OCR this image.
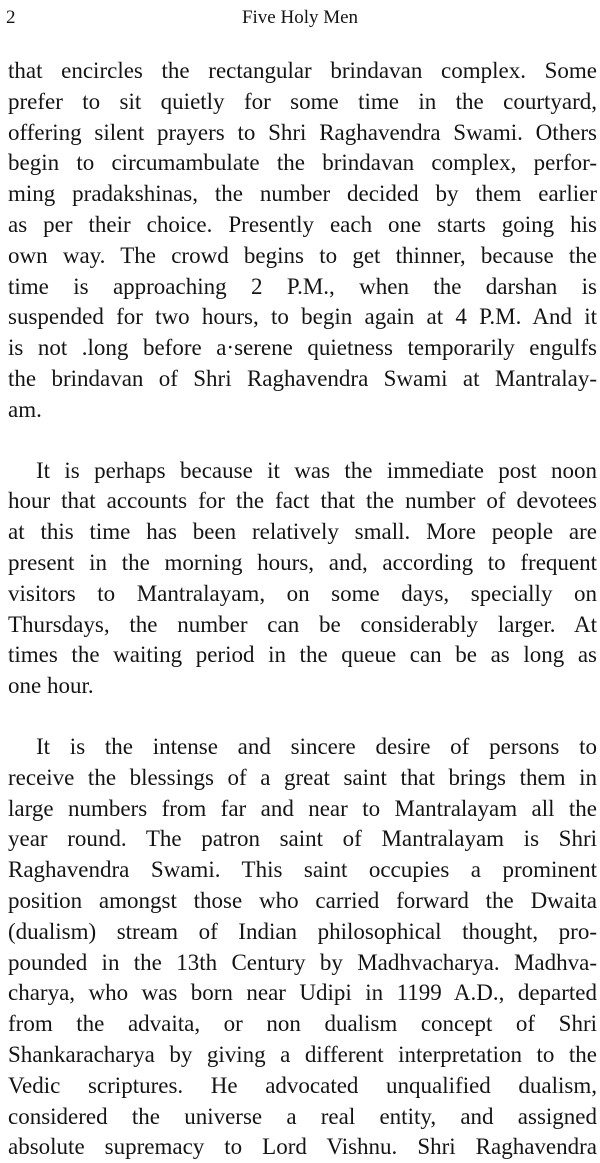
2	Five Holy Men

that encircles the rectangular brindavan complex. Some
prefer to sit quietly for some time in the courtyard,
offering silent prayers to Shri Raghavendra Swami. Others
begin to circumambulate the brindavan complex, perfor-
ming pradakshinas, the number decided by them earlier
as per their choice. Presently each one starts going his
own way. The crowd begins to get thinner, because the
time is approaching 2 P.M., when the darshan is
suspended for two hours, to begin again at 4 P.M. And it
is not .long before a·serene quietness temporarily engulfs
the brindavan of Shri Raghavendra Swami at Mantralay-
am.

It is perhaps because it was the immediate post noon
hour that accounts for the fact that the number of devotees
at this time has been relatively small. More people are
present in the morning hours, and, according to frequent
visitors to Mantralayam, on some days, specially on
Thursdays, the number can be considerably larger. At
times the waiting period in the queue can be as long as
one hour.

It is the intense and sincere desire of persons to
receive the blessings of a great saint that brings them in
large numbers from far and near to Mantralayam all the
year round. The patron saint of Mantralayam is Shri
Raghavendra Swami. This saint occupies a prominent
position amongst those who carried forward the Dwaita
(dualism) stream of Indian philosophical thought, pro-
pounded in the 13th Century by Madhvacharya. Madhva-
charya, who was born near Udipi in 1199 A.D., departed
from the advaita, or non dualism concept of Shri
Shankaracharya by giving a different interpretation to the
Vedic scriptures. He advocated unqualified dualism,
considered the universe a real entity, and assigned
absolute supremacy to Lord Vishnu. Shri Raghavendra
